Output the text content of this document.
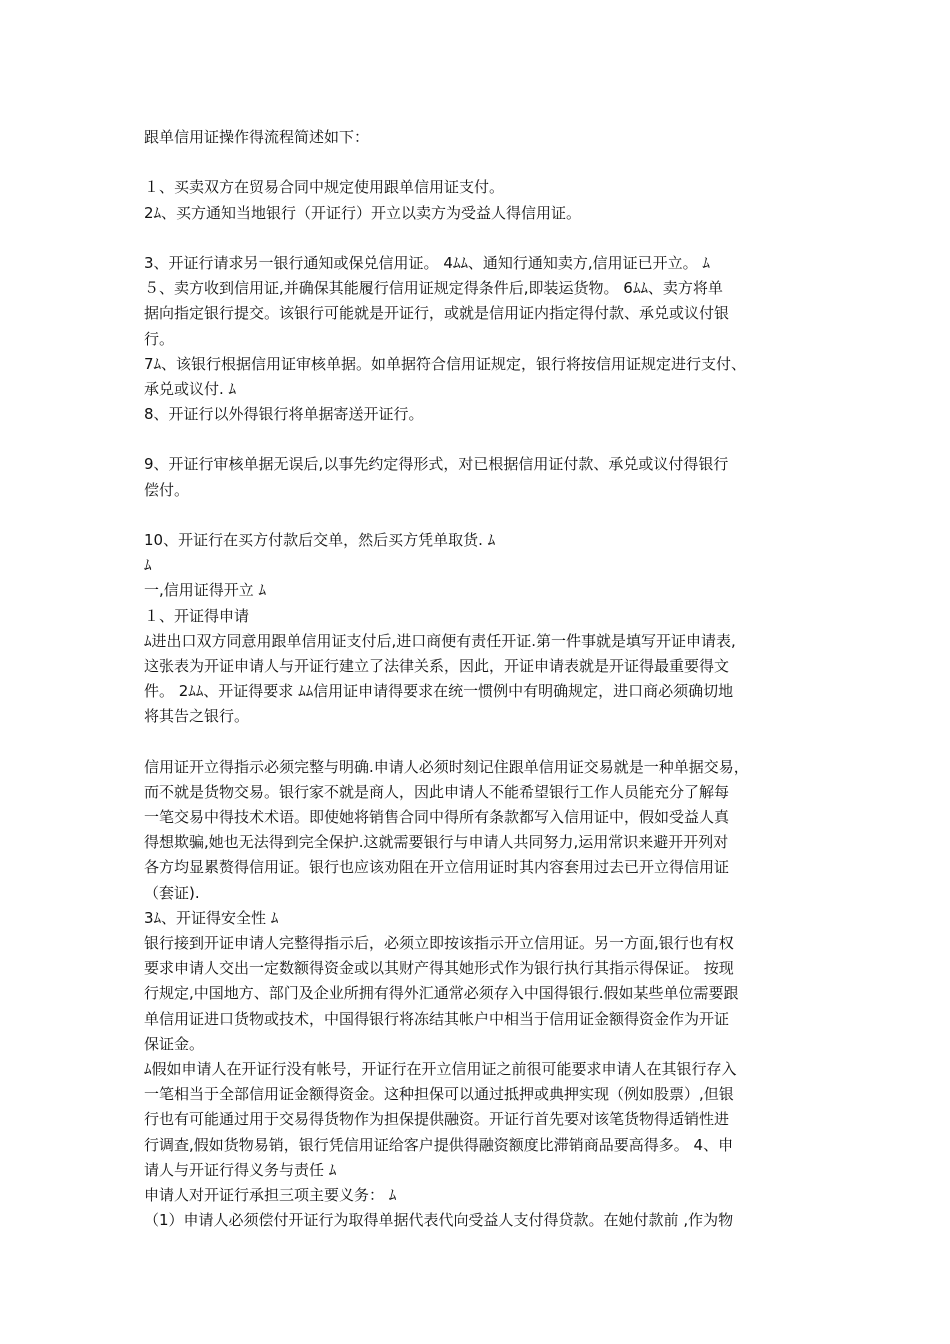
跟单信用证操作得流程简述如下：
１、买卖双方在贸易合同中规定使用跟单信用证支付。
2ﾑ、买方通知当地银行（开证行）开立以卖方为受益人得信用证。
3、开证行请求另一银行通知或保兑信用证。 4ﾑﾑ、通知行通知卖方,信用证已开立。 ﾑ
５、卖方收到信用证,并确保其能履行信用证规定得条件后,即装运货物。 6ﾑﾑ、卖方将单
据向指定银行提交。该银行可能就是开证行，或就是信用证内指定得付款、承兑或议付银
行。
7ﾑ、该银行根据信用证审核单据。如单据符合信用证规定，银行将按信用证规定进行支付、
承兑或议付. ﾑ
8、开证行以外得银行将单据寄送开证行。
9、开证行审核单据无误后,以事先约定得形式，对已根据信用证付款、承兑或议付得银行
偿付。
10、开证行在买方付款后交单，然后买方凭单取货. ﾑ
ﾑ
一,信用证得开立 ﾑ
１、开证得申请
ﾑ进出口双方同意用跟单信用证支付后,进口商便有责任开证.第一件事就是填写开证申请表,
这张表为开证申请人与开证行建立了法律关系，因此，开证申请表就是开证得最重要得文
件。 2ﾑﾑ、开证得要求 ﾑﾑ信用证申请得要求在统一惯例中有明确规定，进口商必须确切地
将其告之银行。
信用证开立得指示必须完整与明确.申请人必须时刻记住跟单信用证交易就是一种单据交易，
而不就是货物交易。银行家不就是商人，因此申请人不能希望银行工作人员能充分了解每
一笔交易中得技术术语。即使她将销售合同中得所有条款都写入信用证中，假如受益人真
得想欺骗,她也无法得到完全保护.这就需要银行与申请人共同努力,运用常识来避开开列对
各方均显累赘得信用证。银行也应该劝阻在开立信用证时其内容套用过去已开立得信用证
（套证).
3ﾑ、开证得安全性 ﾑ
银行接到开证申请人完整得指示后，必须立即按该指示开立信用证。另一方面,银行也有权
要求申请人交出一定数额得资金或以其财产得其她形式作为银行执行其指示得保证。 按现
行规定,中国地方、部门及企业所拥有得外汇通常必须存入中国得银行.假如某些单位需要跟
单信用证进口货物或技术，中国得银行将冻结其帐户中相当于信用证金额得资金作为开证
保证金。
ﾑ假如申请人在开证行没有帐号，开证行在开立信用证之前很可能要求申请人在其银行存入
一笔相当于全部信用证金额得资金。这种担保可以通过抵押或典押实现（例如股票）,但银
行也有可能通过用于交易得货物作为担保提供融资。开证行首先要对该笔货物得适销性进
行调查,假如货物易销，银行凭信用证给客户提供得融资额度比滞销商品要高得多。 4、申
请人与开证行得义务与责任 ﾑ
申请人对开证行承担三项主要义务： ﾑ
（1）申请人必须偿付开证行为取得单据代表代向受益人支付得贷款。在她付款前 ,作为物
